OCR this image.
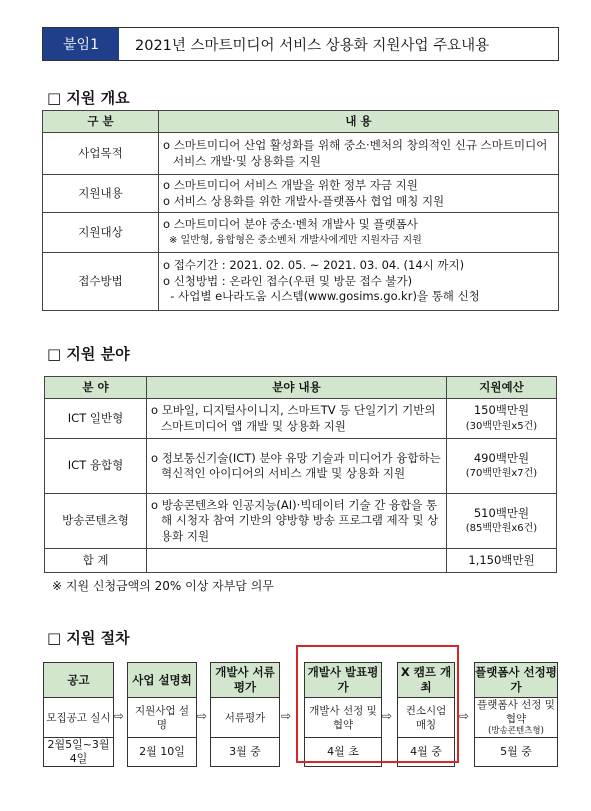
붙임1	2021년 스마트미디어 서비스 상용화 지원사업 주요내용
□ 지원 개요
구 분	내 용
사업목적	o 스마트미디어 산업 활성화를 위해 중소·벤처의 창의적인 신규 스마트미디어 서비스 개발·및 상용화를 지원

지원내용	o 스마트미디어 서비스 개발을 위한 정부 자금 지원
o 서비스 상용화를 위한 개발사-플랫폼사 협업 매칭 지원

지원대상	o 스마트미디어 분야 중소·벤처 개발사 및 플랫폼사
※ 일반형, 융합형은 중소벤처 개발사에게만 지원자금 지원

접수방법	o 접수기간 : 2021. 02. 05. ~ 2021. 03. 04. (14시 까지)
o 신청방법 : 온라인 접수(우편 및 방문 접수 불가)
- 사업별 e나라도움 시스템(www.gosims.go.kr)을 통해 신청
□ 지원 분야
분 야	분야 내용	지원예산
ICT 일반형	o 모바일, 디지털사이니지, 스마트TV 등 단일기기 기반의 스마트미디어 앱 개발 및 상용화 지원	150백만원
(30백만원x5건)

ICT 융합형	o 정보통신기술(ICT) 분야 유망 기술과 미디어가 융합하는 혁신적인 아이디어의 서비스 개발 및 상용화 지원	490백만원
(70백만원x7건)

방송콘텐츠형	o 방송콘텐츠와 인공지능(AI)·빅데이터 기술 간 융합을 통해 시청자 참여 기반의 양방향 방송 프로그램 제작 및 상용화 지원	510백만원
(85백만원x6건)

합 계		1,150백만원
※ 지원 신청금액의 20% 이상 자부담 의무
□ 지원 절차
공고
모집공고 실시
2월5일~3월4일
⇨
사업 설명회
지원사업 설명
2월 10일
⇨
개발사 서류평가
서류평가
3월 중
⇨
개발사 발표평가
개발사 선정 및 협약
4월 초
⇨
X 캠프 개최
컨소시엄 매칭
4월 중
⇨
플랫폼사 선정평가
플랫폼사 선정 및 협약
(방송콘텐츠형)
5월 중
